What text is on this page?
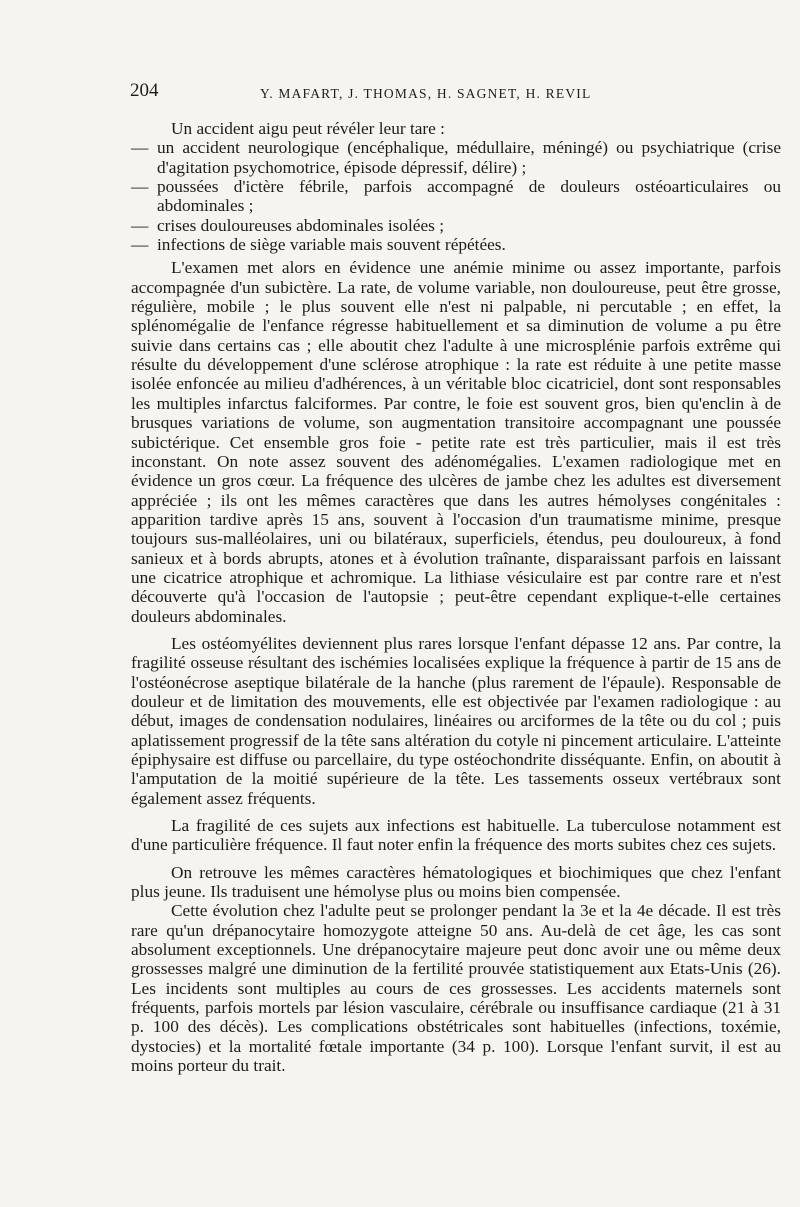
204	Y. MAFART, J. THOMAS, H. SAGNET, H. REVIL

Un accident aigu peut révéler leur tare :

— un accident neurologique (encéphalique, médullaire, méningé) ou psychiatrique (crise d'agitation psychomotrice, épisode dépressif, délire) ;
— poussées d'ictère fébrile, parfois accompagné de douleurs ostéoarticulaires ou abdominales ;
— crises douloureuses abdominales isolées ;
— infections de siège variable mais souvent répétées.

L'examen met alors en évidence une anémie minime ou assez importante, parfois accompagnée d'un subictère. La rate, de volume variable, non douloureuse, peut être grosse, régulière, mobile ; le plus souvent elle n'est ni palpable, ni percutable ; en effet, la splénomégalie de l'enfance régresse habituellement et sa diminution de volume a pu être suivie dans certains cas ; elle aboutit chez l'adulte à une microsplénie parfois extrême qui résulte du développement d'une sclérose atrophique : la rate est réduite à une petite masse isolée enfoncée au milieu d'adhérences, à un véritable bloc cicatriciel, dont sont responsables les multiples infarctus falciformes. Par contre, le foie est souvent gros, bien qu'enclin à de brusques variations de volume, son augmentation transitoire accompagnant une poussée subictérique. Cet ensemble gros foie - petite rate est très particulier, mais il est très inconstant. On note assez souvent des adénomégalies. L'examen radiologique met en évidence un gros cœur. La fréquence des ulcères de jambe chez les adultes est diversement appréciée ; ils ont les mêmes caractères que dans les autres hémolyses congénitales : apparition tardive après 15 ans, souvent à l'occasion d'un traumatisme minime, presque toujours sus-malléolaires, uni ou bilatéraux, superficiels, étendus, peu douloureux, à fond sanieux et à bords abrupts, atones et à évolution traînante, disparaissant parfois en laissant une cicatrice atrophique et achromique. La lithiase vésiculaire est par contre rare et n'est découverte qu'à l'occasion de l'autopsie ; peut-être cependant explique-t-elle certaines douleurs abdominales.

Les ostéomyélites deviennent plus rares lorsque l'enfant dépasse 12 ans. Par contre, la fragilité osseuse résultant des ischémies localisées explique la fréquence à partir de 15 ans de l'ostéonécrose aseptique bilatérale de la hanche (plus rarement de l'épaule). Responsable de douleur et de limitation des mouvements, elle est objectivée par l'examen radiologique : au début, images de condensation nodulaires, linéaires ou arciformes de la tête ou du col ; puis aplatissement progressif de la tête sans altération du cotyle ni pincement articulaire. L'atteinte épiphysaire est diffuse ou parcellaire, du type ostéochondrite disséquante. Enfin, on aboutit à l'amputation de la moitié supérieure de la tête. Les tassements osseux vertébraux sont également assez fréquents.

La fragilité de ces sujets aux infections est habituelle. La tuberculose notamment est d'une particulière fréquence. Il faut noter enfin la fréquence des morts subites chez ces sujets.

On retrouve les mêmes caractères hématologiques et biochimiques que chez l'enfant plus jeune. Ils traduisent une hémolyse plus ou moins bien compensée.

Cette évolution chez l'adulte peut se prolonger pendant la 3e et la 4e décade. Il est très rare qu'un drépanocytaire homozygote atteigne 50 ans. Au-delà de cet âge, les cas sont absolument exceptionnels. Une drépanocytaire majeure peut donc avoir une ou même deux grossesses malgré une diminution de la fertilité prouvée statistiquement aux Etats-Unis (26). Les incidents sont multiples au cours de ces grossesses. Les accidents maternels sont fréquents, parfois mortels par lésion vasculaire, cérébrale ou insuffisance cardiaque (21 à 31 p. 100 des décès). Les complications obstétricales sont habituelles (infections, toxémie, dystocies) et la mortalité fœtale importante (34 p. 100). Lorsque l'enfant survit, il est au moins porteur du trait.
